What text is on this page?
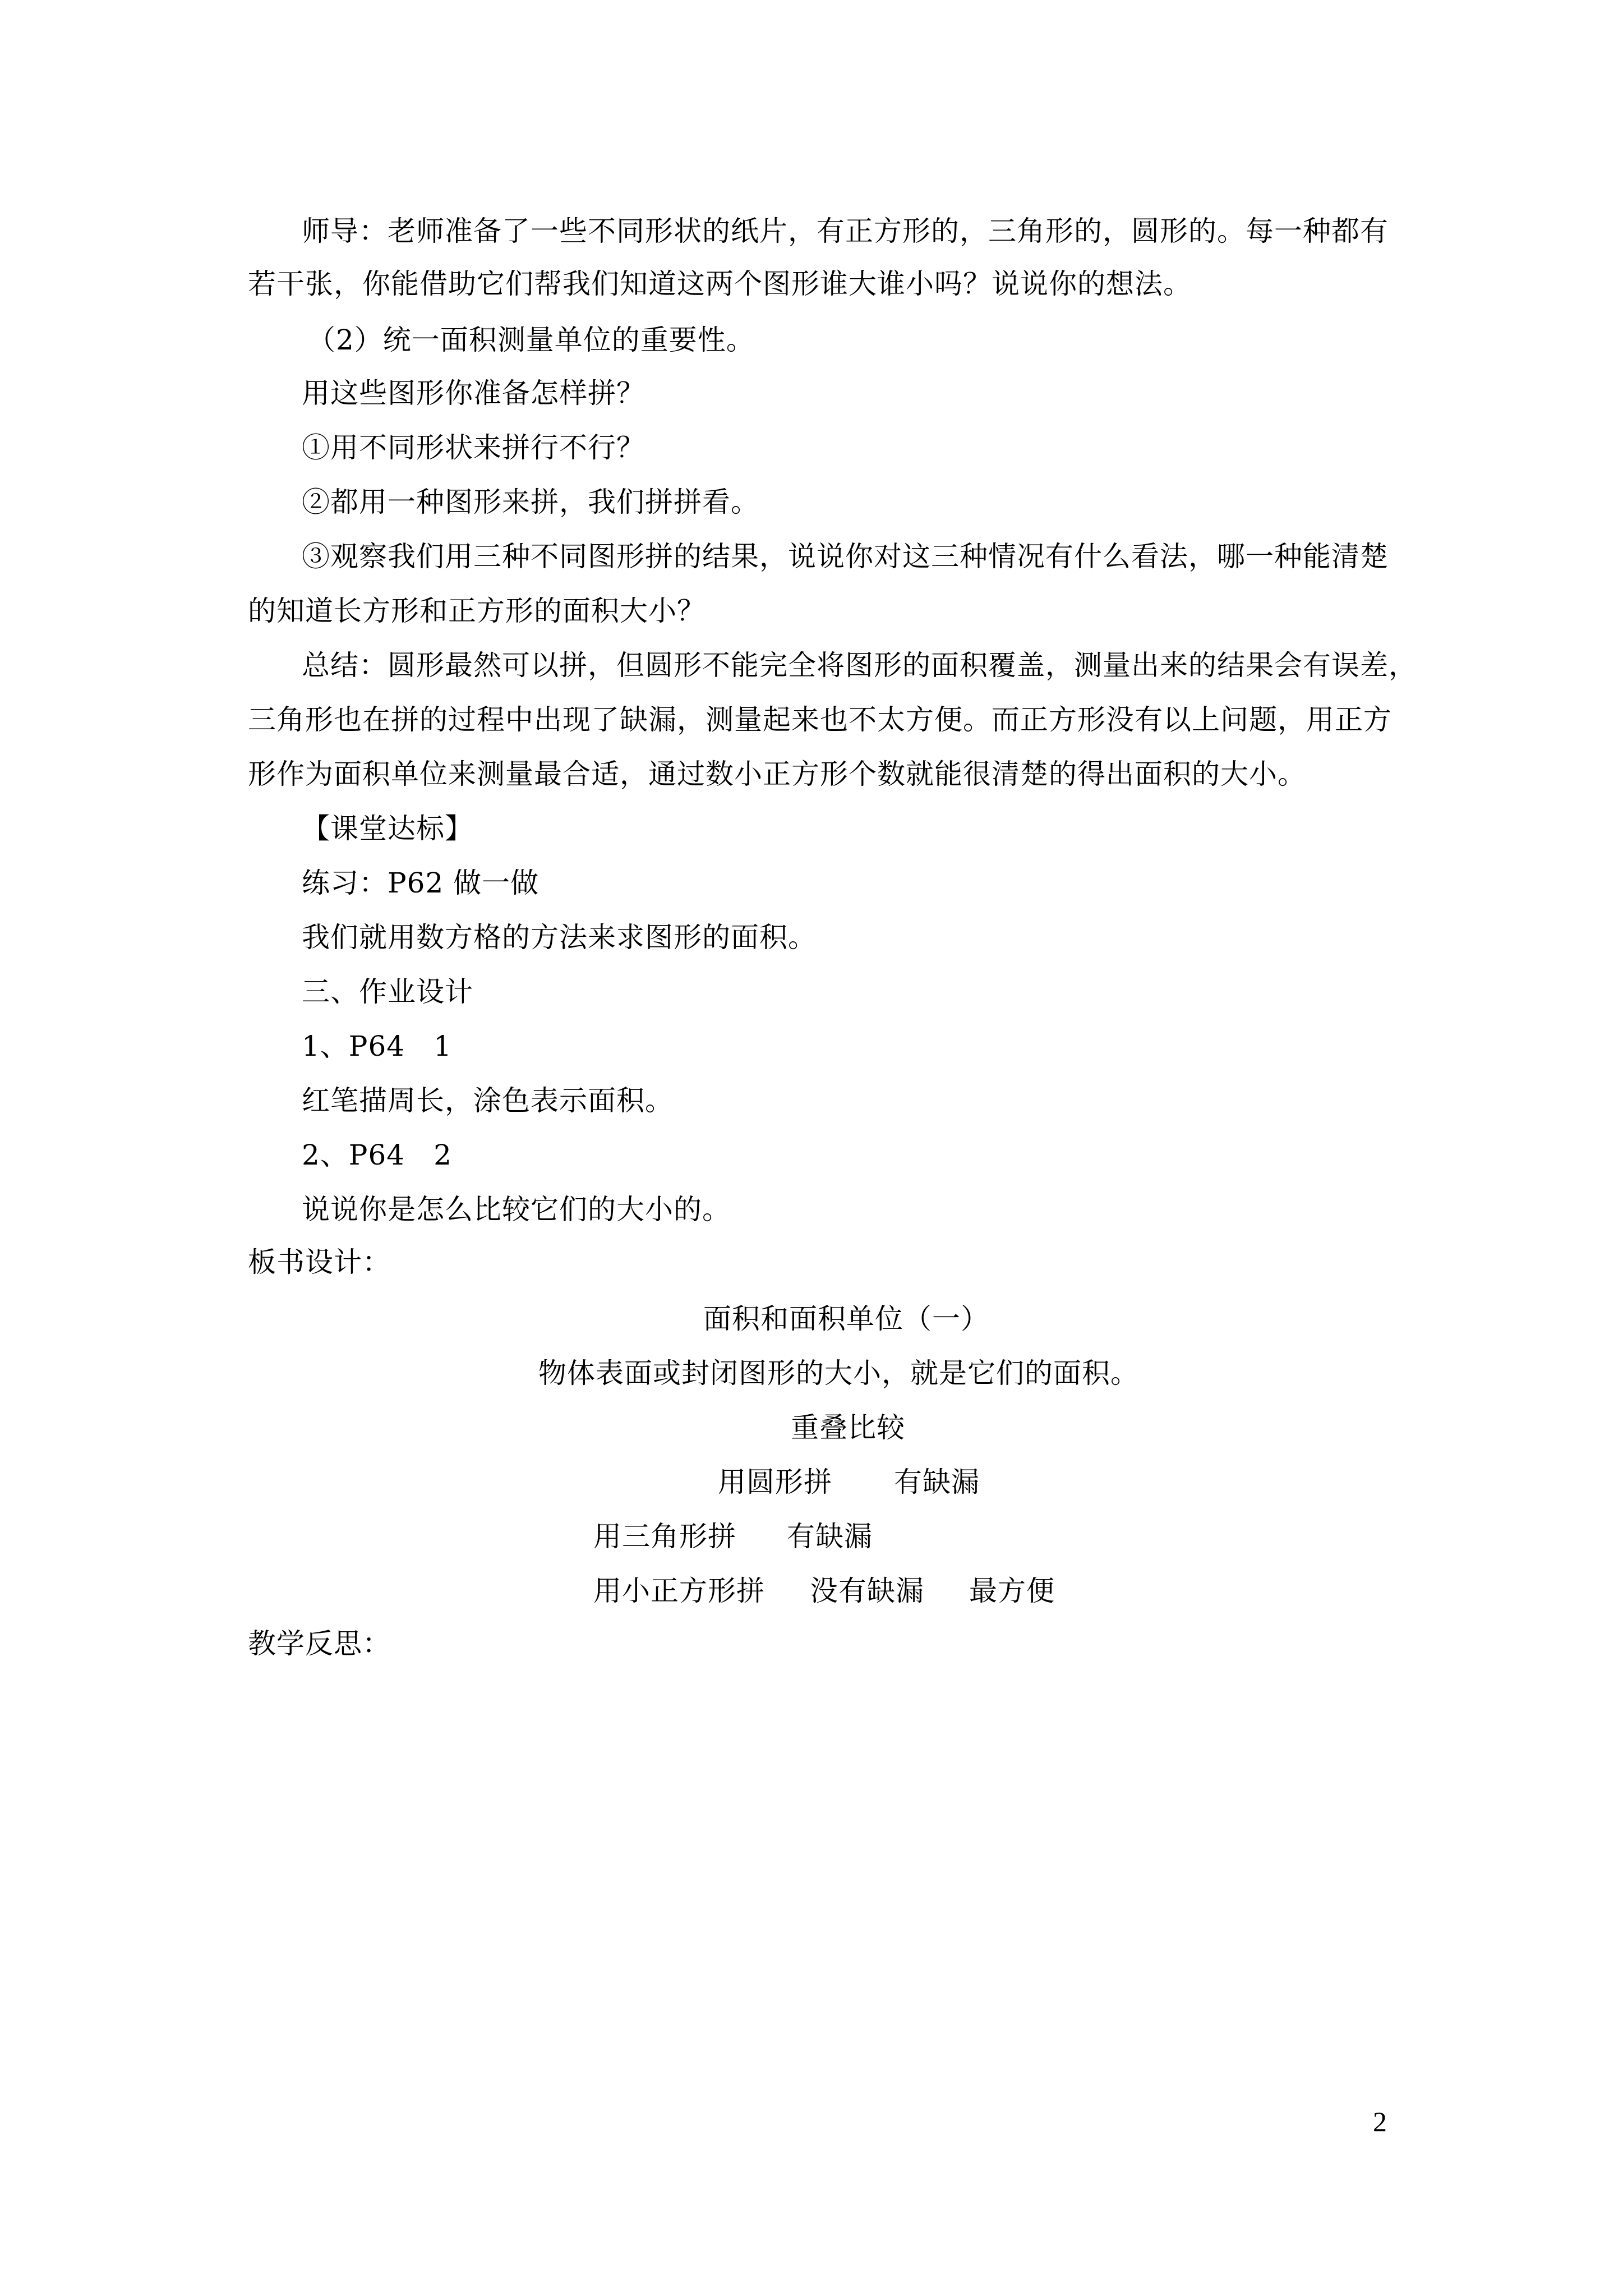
师导：老师准备了一些不同形状的纸片，有正方形的，三角形的，圆形的。每一种都有
若干张，你能借助它们帮我们知道这两个图形谁大谁小吗？说说你的想法。
（2）统一面积测量单位的重要性。
用这些图形你准备怎样拼？
①用不同形状来拼行不行？
②都用一种图形来拼，我们拼拼看。
③观察我们用三种不同图形拼的结果，说说你对这三种情况有什么看法，哪一种能清楚
的知道长方形和正方形的面积大小？
总结：圆形最然可以拼，但圆形不能完全将图形的面积覆盖，测量出来的结果会有误差，
三角形也在拼的过程中出现了缺漏，测量起来也不太方便。而正方形没有以上问题，用正方
形作为面积单位来测量最合适，通过数小正方形个数就能很清楚的得出面积的大小。
【课堂达标】
练习：P62 做一做
我们就用数方格的方法来求图形的面积。
三、作业设计
1、P64　1
红笔描周长，涂色表示面积。
2、P64　2
说说你是怎么比较它们的大小的。
板书设计：
面积和面积单位（一）
物体表面或封闭图形的大小，就是它们的面积。
重叠比较
用圆形拼 有缺漏
用三角形拼 有缺漏
用小正方形拼 没有缺漏 最方便
教学反思：
2
